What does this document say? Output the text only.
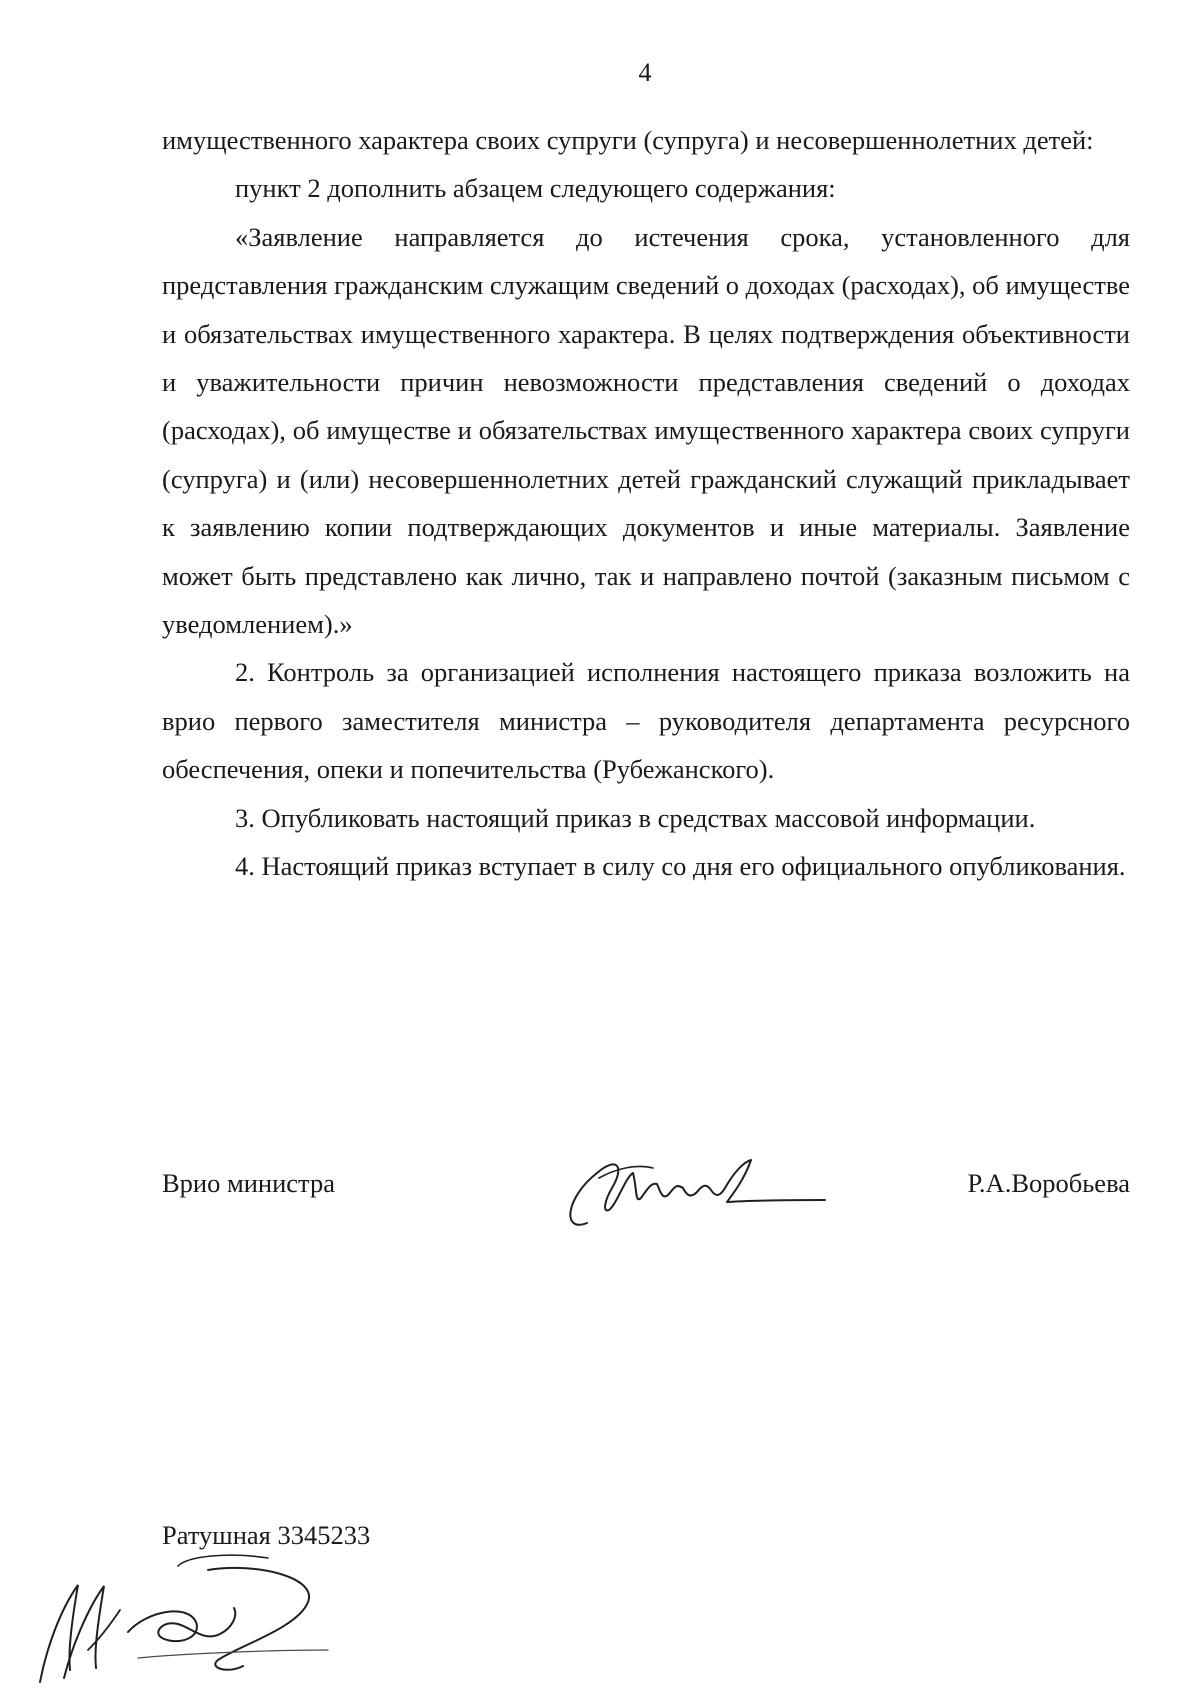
4

имущественного характера своих супруги (супруга) и несовершеннолетних детей:

пункт 2 дополнить абзацем следующего содержания:

«Заявление направляется до истечения срока, установленного для представления гражданским служащим сведений о доходах (расходах), об имуществе и обязательствах имущественного характера. В целях подтверждения объективности и уважительности причин невозможности представления сведений о доходах (расходах), об имуществе и обязательствах имущественного характера своих супруги (супруга) и (или) несовершеннолетних детей гражданский служащий прикладывает к заявлению копии подтверждающих документов и иные материалы. Заявление может быть представлено как лично, так и направлено почтой (заказным письмом с уведомлением).»

2. Контроль за организацией исполнения настоящего приказа возложить на врио первого заместителя министра – руководителя департамента ресурсного обеспечения, опеки и попечительства (Рубежанского).

3. Опубликовать настоящий приказ в средствах массовой информации.

4. Настоящий приказ вступает в силу со дня его официального опубликования.

Врио министра	Р.А.Воробьева
Ратушная 3345233
